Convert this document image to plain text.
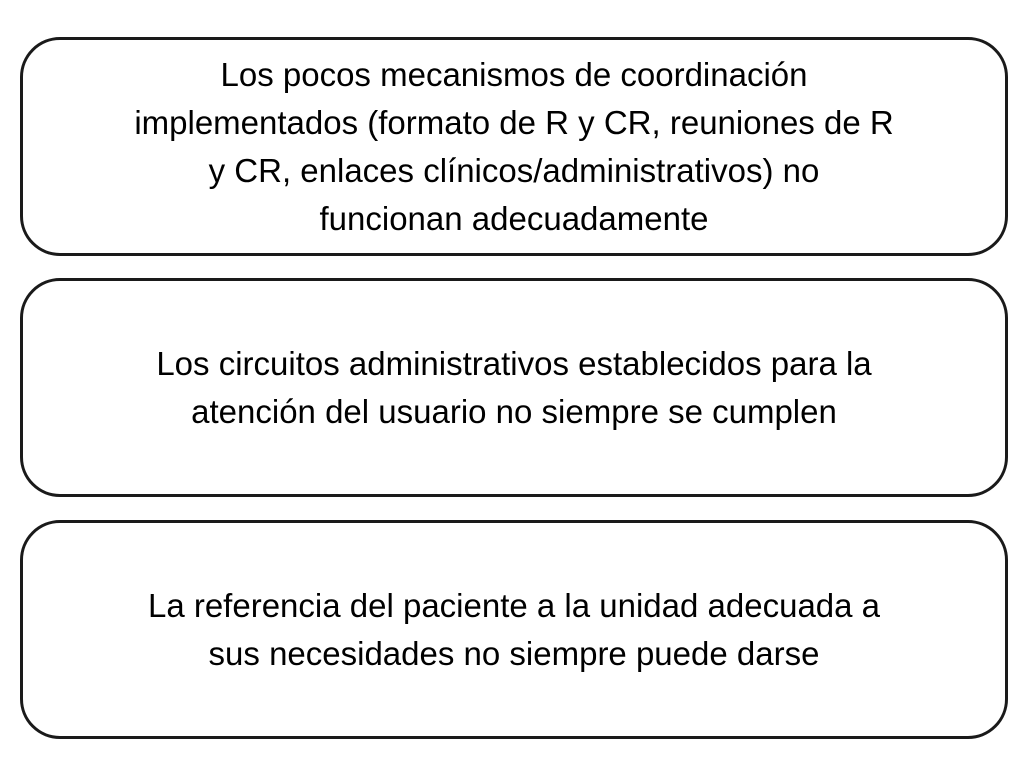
Los pocos mecanismos de coordinación
implementados (formato de R y CR, reuniones de R
y CR, enlaces clínicos/administrativos) no
funcionan adecuadamente
Los circuitos administrativos establecidos para la
atención del usuario no siempre se cumplen
La referencia del paciente a la unidad adecuada a
sus necesidades no siempre puede darse
